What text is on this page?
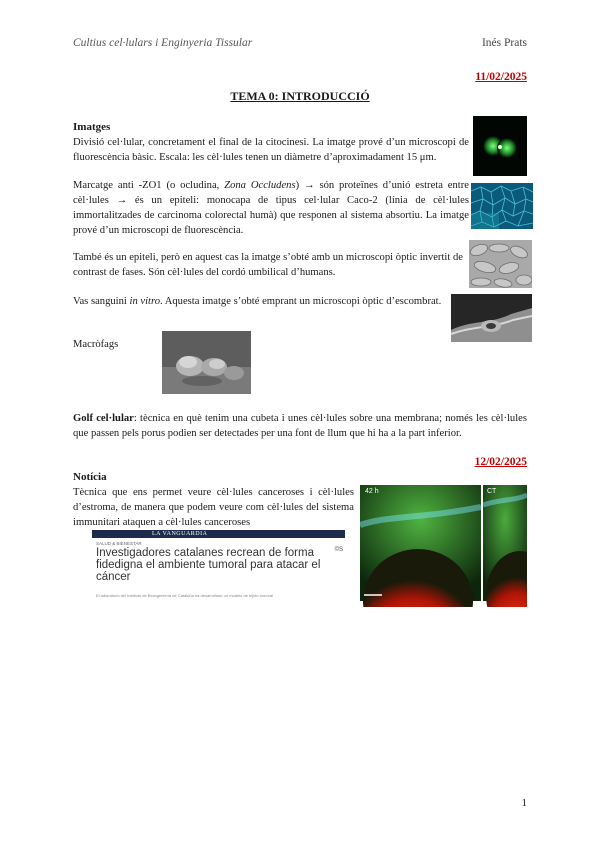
Cultius cel·lulars i Enginyeria Tissular	Inés Prats
11/02/2025
TEMA 0: INTRODUCCIÓ
Imatges
Divisió cel·lular, concretament el final de la citocinesi. La imatge prové d’un microscopi de fluorescència bàsic. Escala: les cèl·lules tenen un diàmetre d’aproximadament 15 μm.
Marcatge anti -ZO1 (o ocludina, Zona Occludens) → són proteïnes d’unió estreta entre cèl·lules → és un epiteli: monocapa de tipus cel·lular Caco-2 (línia de cèl·lules immortalitzades de carcinoma colorectal humà) que responen al sistema absortiu. La imatge prové d’un microscopi de fluorescència.
També és un epiteli, però en aquest cas la imatge s’obté amb un microscopi òptic invertit de contrast de fases. Són cèl·lules del cordó umbilical d’humans.
Vas sanguini in vitro. Aquesta imatge s’obté emprant un microscopi òptic d’escombrat.
Macròfags
Golf cel·lular: tècnica en què tenim una cubeta i unes cèl·lules sobre una membrana; només les cèl·lules que passen pels porus podien ser detectades per una font de llum que hi ha a la part inferior.
12/02/2025
Notícia
Tècnica que ens permet veure cèl·lules canceroses i cèl·lules d’estroma, de manera que podem veure com cèl·lules del sistema immunitari ataquen a cèl·lules canceroses
LA VANGUARDIA
SALUD & BIENESTAR
Investigadores catalanes recrean de forma fidedigna el ambiente tumoral para atacar el cáncer
©S
El laboratorio del Instituto de Bioingeniería de Cataluña ha desarrollado un modelo de tejido tumoral
42 h	CT
1
